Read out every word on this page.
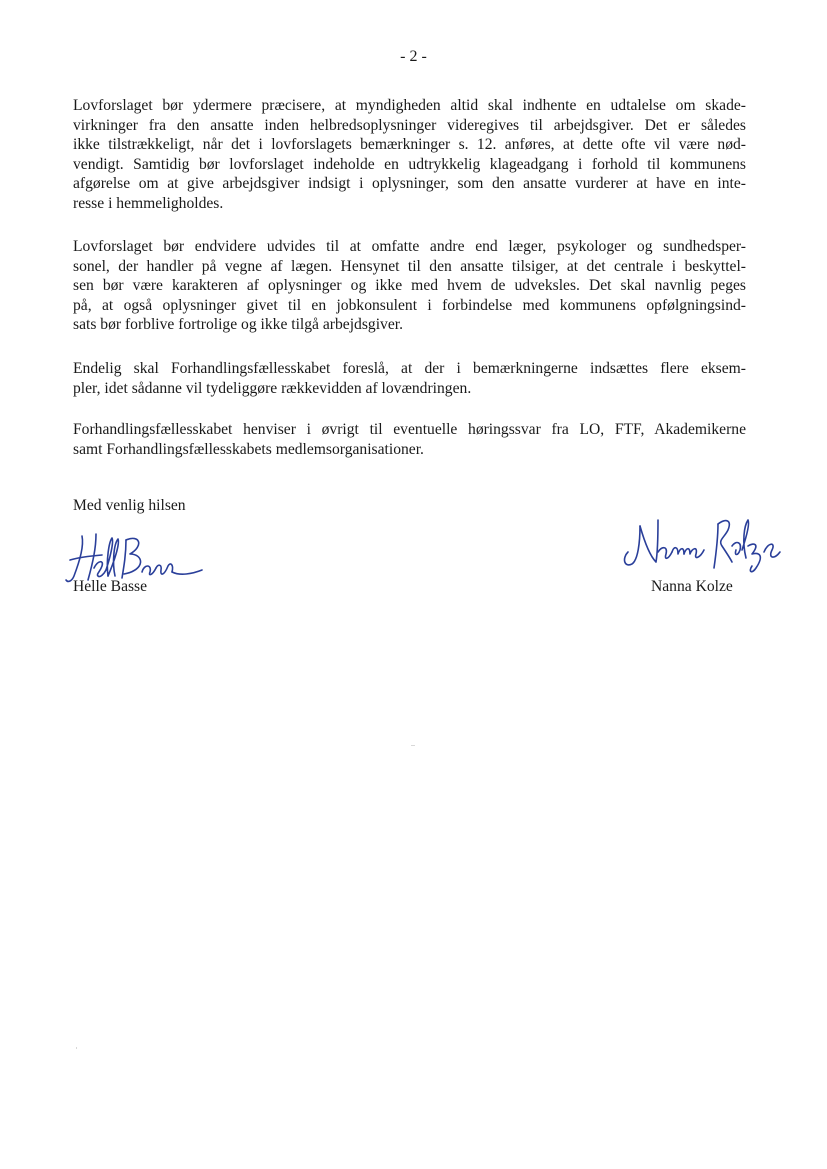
- 2 -

Lovforslaget bør ydermere præcisere, at myndigheden altid skal indhente en udtalelse om skade-
virkninger fra den ansatte inden helbredsoplysninger videregives til arbejdsgiver. Det er således
ikke tilstrækkeligt, når det i lovforslagets bemærkninger s. 12. anføres, at dette ofte vil være nød-
vendigt. Samtidig bør lovforslaget indeholde en udtrykkelig klageadgang i forhold til kommunens
afgørelse om at give arbejdsgiver indsigt i oplysninger, som den ansatte vurderer at have en inte-
resse i hemmeligholdes.

Lovforslaget bør endvidere udvides til at omfatte andre end læger, psykologer og sundhedsper-
sonel, der handler på vegne af lægen. Hensynet til den ansatte tilsiger, at det centrale i beskyttel-
sen bør være karakteren af oplysninger og ikke med hvem de udveksles. Det skal navnlig peges
på, at også oplysninger givet til en jobkonsulent i forbindelse med kommunens opfølgningsind-
sats bør forblive fortrolige og ikke tilgå arbejdsgiver.

Endelig skal Forhandlingsfællesskabet foreslå, at der i bemærkningerne indsættes flere eksem-
pler, idet sådanne vil tydeliggøre rækkevidden af lovændringen.

Forhandlingsfællesskabet henviser i øvrigt til eventuelle høringssvar fra LO, FTF, Akademikerne
samt Forhandlingsfællesskabets medlemsorganisationer.

Med venlig hilsen
Helle Basse	Nanna Kolze
